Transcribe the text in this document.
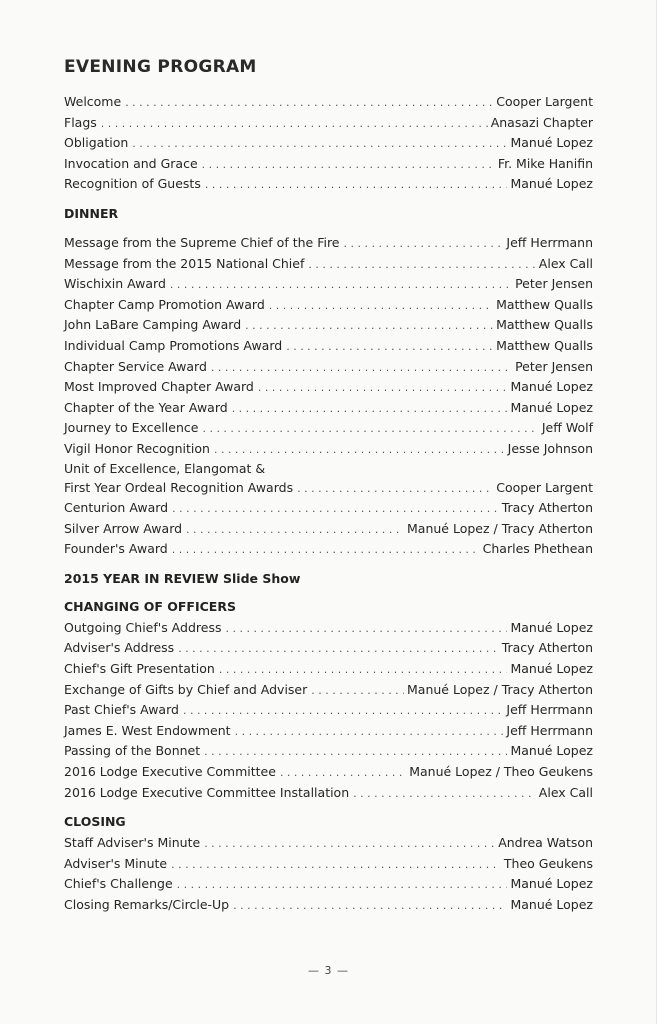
EVENING PROGRAM
Welcome . . .	Cooper Largent
Flags . . .	Anasazi Chapter
Obligation . . .	Manué Lopez
Invocation and Grace . . .	Fr. Mike Hanifin
Recognition of Guests . . .	Manué Lopez
DINNER
Message from the Supreme Chief of the Fire . . .	Jeff Herrmann
Message from the 2015 National Chief . . .	Alex Call
Wischixin Award . . .	Peter Jensen
Chapter Camp Promotion Award . . .	Matthew Qualls
John LaBare Camping Award . . .	Matthew Qualls
Individual Camp Promotions Award . . .	Matthew Qualls
Chapter Service Award . . .	Peter Jensen
Most Improved Chapter Award . . .	Manué Lopez
Chapter of the Year Award . . .	Manué Lopez
Journey to Excellence . . .	Jeff Wolf
Vigil Honor Recognition . . .	Jesse Johnson
Unit of Excellence, Elangomat &
First Year Ordeal Recognition Awards . . .	Cooper Largent
Centurion Award . . .	Tracy Atherton
Silver Arrow Award . . .	Manué Lopez / Tracy Atherton
Founder's Award . . .	Charles Phethean
2015 YEAR IN REVIEW Slide Show
CHANGING OF OFFICERS
Outgoing Chief's Address . . .	Manué Lopez
Adviser's Address . . .	Tracy Atherton
Chief's Gift Presentation . . .	Manué Lopez
Exchange of Gifts by Chief and Adviser . . .	Manué Lopez / Tracy Atherton
Past Chief's Award . . .	Jeff Herrmann
James E. West Endowment . . .	Jeff Herrmann
Passing of the Bonnet . . .	Manué Lopez
2016 Lodge Executive Committee . . .	Manué Lopez / Theo Geukens
2016 Lodge Executive Committee Installation . . .	Alex Call
CLOSING
Staff Adviser's Minute . . .	Andrea Watson
Adviser's Minute . . .	Theo Geukens
Chief's Challenge . . .	Manué Lopez
Closing Remarks/Circle-Up . . .	Manué Lopez
— 3 —
